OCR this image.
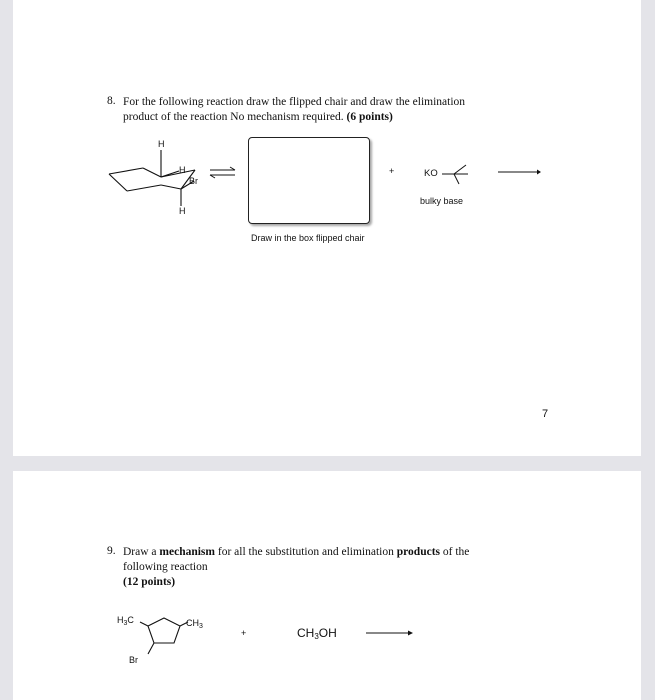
8. For the following reaction draw the flipped chair and draw the elimination
product of the reaction No mechanism required. (6 points)
H
H
Br
H
Draw in the box flipped chair
+	KO
bulky base
7
9. Draw a mechanism for all the substitution and elimination products of the
following reaction
(12 points)
$H_3C$	$CH_3$
Br
+	$CH_3OH$
